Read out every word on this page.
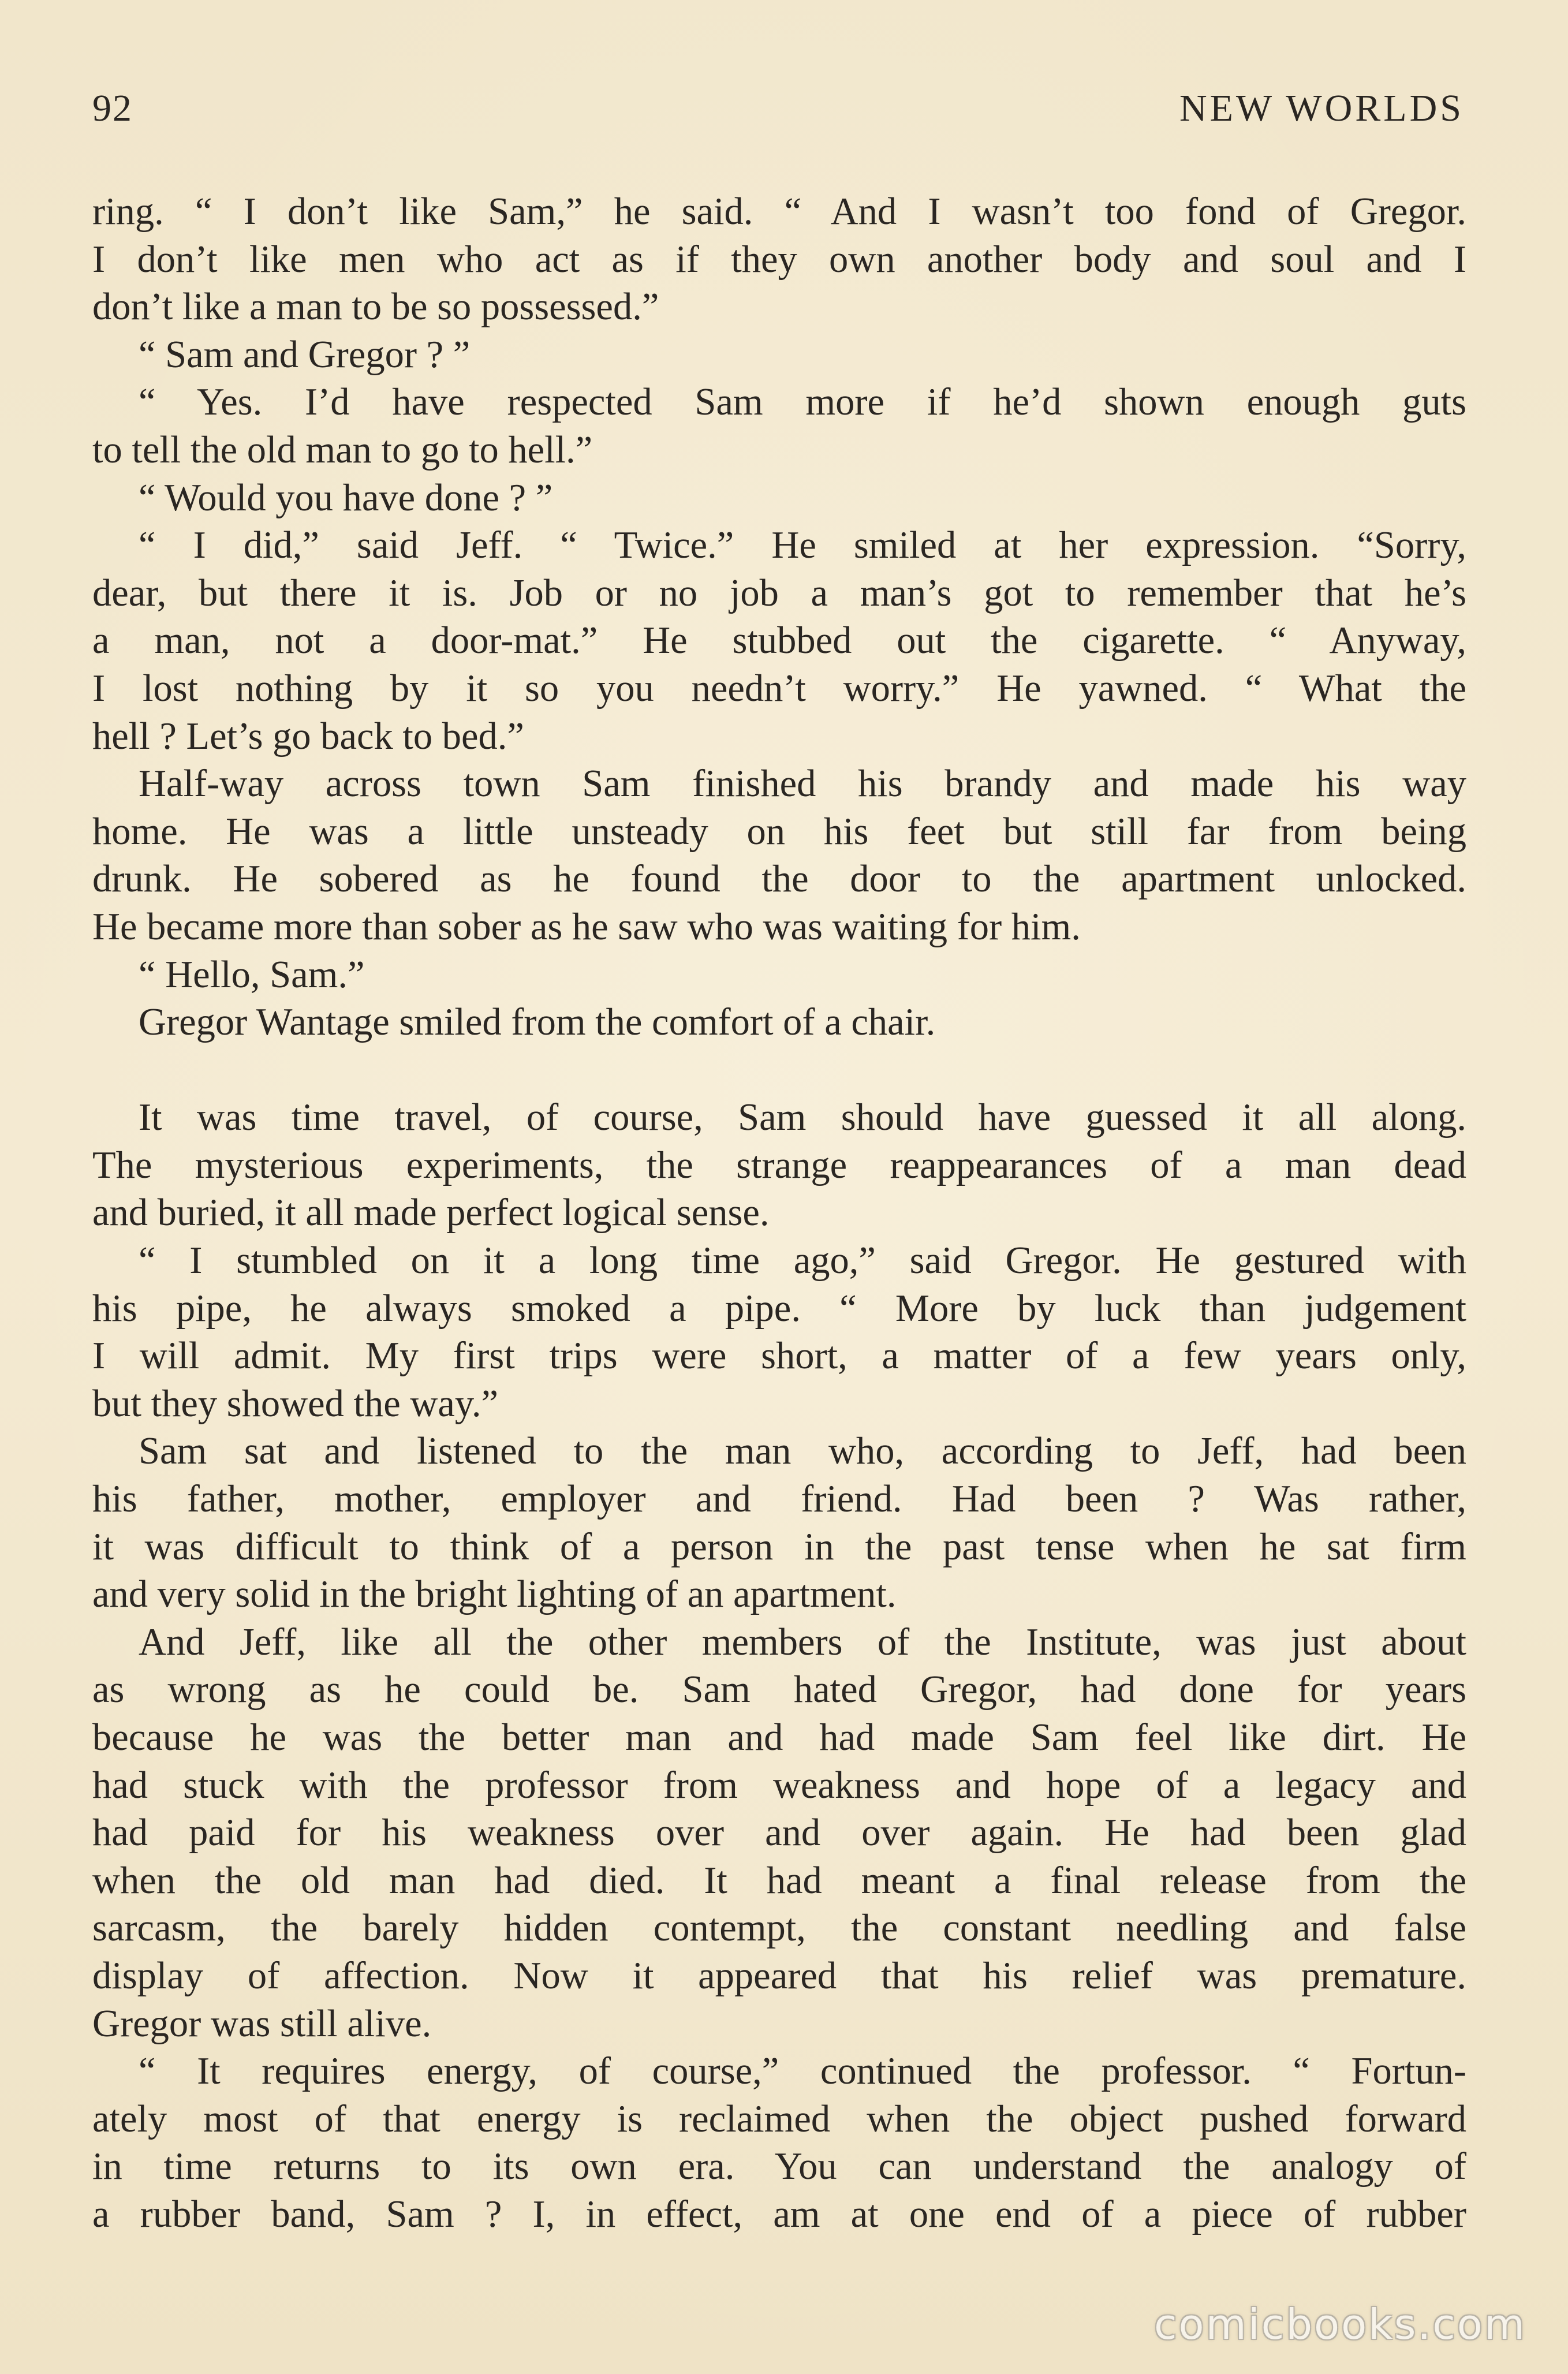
92	NEW WORLDS

ring. “ I don’t like Sam,” he said. “ And I wasn’t too fond of Gregor.
I don’t like men who act as if they own another body and soul and I
don’t like a man to be so possessed.”

“ Sam and Gregor ? ”

“ Yes. I’d have respected Sam more if he’d shown enough guts
to tell the old man to go to hell.”

“ Would you have done ? ”

“ I did,” said Jeff. “ Twice.” He smiled at her expression. “Sorry,
dear, but there it is. Job or no job a man’s got to remember that he’s
a man, not a door-mat.” He stubbed out the cigarette. “ Anyway,
I lost nothing by it so you needn’t worry.” He yawned. “ What the
hell ? Let’s go back to bed.”

Half-way across town Sam finished his brandy and made his way
home. He was a little unsteady on his feet but still far from being
drunk. He sobered as he found the door to the apartment unlocked.
He became more than sober as he saw who was waiting for him.

“ Hello, Sam.”

Gregor Wantage smiled from the comfort of a chair.

It was time travel, of course, Sam should have guessed it all along.
The mysterious experiments, the strange reappearances of a man dead
and buried, it all made perfect logical sense.

“ I stumbled on it a long time ago,” said Gregor. He gestured with
his pipe, he always smoked a pipe. “ More by luck than judgement
I will admit. My first trips were short, a matter of a few years only,
but they showed the way.”

Sam sat and listened to the man who, according to Jeff, had been
his father, mother, employer and friend. Had been ? Was rather,
it was difficult to think of a person in the past tense when he sat firm
and very solid in the bright lighting of an apartment.

And Jeff, like all the other members of the Institute, was just about
as wrong as he could be. Sam hated Gregor, had done for years
because he was the better man and had made Sam feel like dirt. He
had stuck with the professor from weakness and hope of a legacy and
had paid for his weakness over and over again. He had been glad
when the old man had died. It had meant a final release from the
sarcasm, the barely hidden contempt, the constant needling and false
display of affection. Now it appeared that his relief was premature.
Gregor was still alive.

“ It requires energy, of course,” continued the professor. “ Fortun-
ately most of that energy is reclaimed when the object pushed forward
in time returns to its own era. You can understand the analogy of
a rubber band, Sam ? I, in effect, am at one end of a piece of rubber

comicbooks.com
